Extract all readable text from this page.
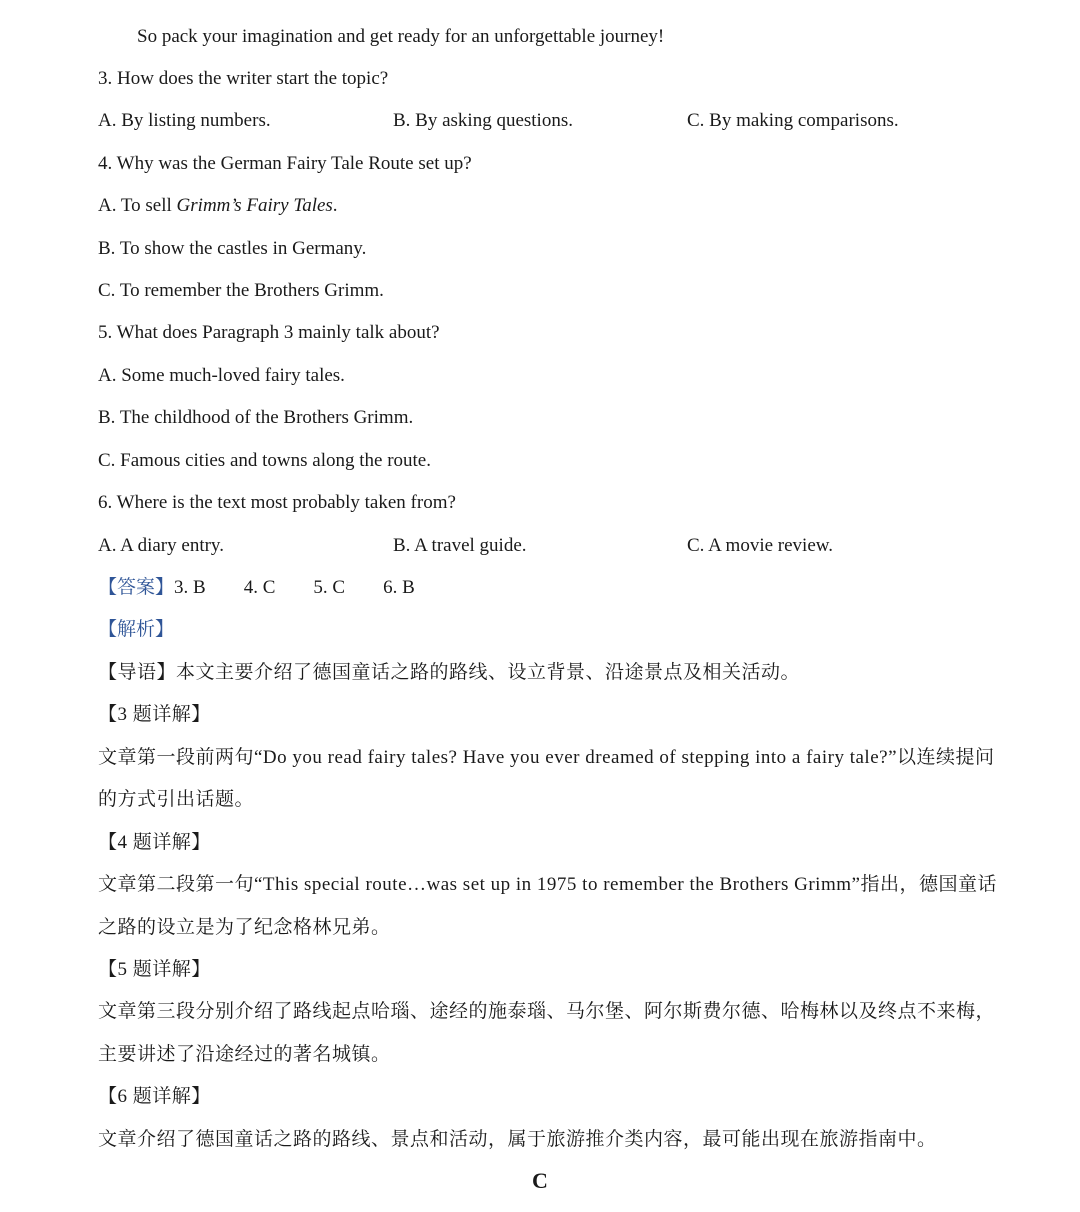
So pack your imagination and get ready for an unforgettable journey!
3. How does the writer start the topic?
A. By listing numbers.	B. By asking questions.	C. By making comparisons.
4. Why was the German Fairy Tale Route set up?
A. To sell Grimm’s Fairy Tales.
B. To show the castles in Germany.
C. To remember the Brothers Grimm.
5. What does Paragraph 3 mainly talk about?
A. Some much-loved fairy tales.
B. The childhood of the Brothers Grimm.
C. Famous cities and towns along the route.
6. Where is the text most probably taken from?
A. A diary entry.	B. A travel guide.	C. A movie review.
【答案】3. B 4. C 5. C 6. B
【解析】
【导语】本文主要介绍了德国童话之路的路线、设立背景、沿途景点及相关活动。
【3 题详解】
文章第一段前两句“Do you read fairy tales? Have you ever dreamed of stepping into a fairy tale?”以连续提问
的方式引出话题。
【4 题详解】
文章第二段第一句“This special route…was set up in 1975 to remember the Brothers Grimm”指出，德国童话
之路的设立是为了纪念格林兄弟。
【5 题详解】
文章第三段分别介绍了路线起点哈瑙、途经的施泰瑙、马尔堡、阿尔斯费尔德、哈梅林以及终点不来梅，
主要讲述了沿途经过的著名城镇。
【6 题详解】
文章介绍了德国童话之路的路线、景点和活动，属于旅游推介类内容，最可能出现在旅游指南中。
C
